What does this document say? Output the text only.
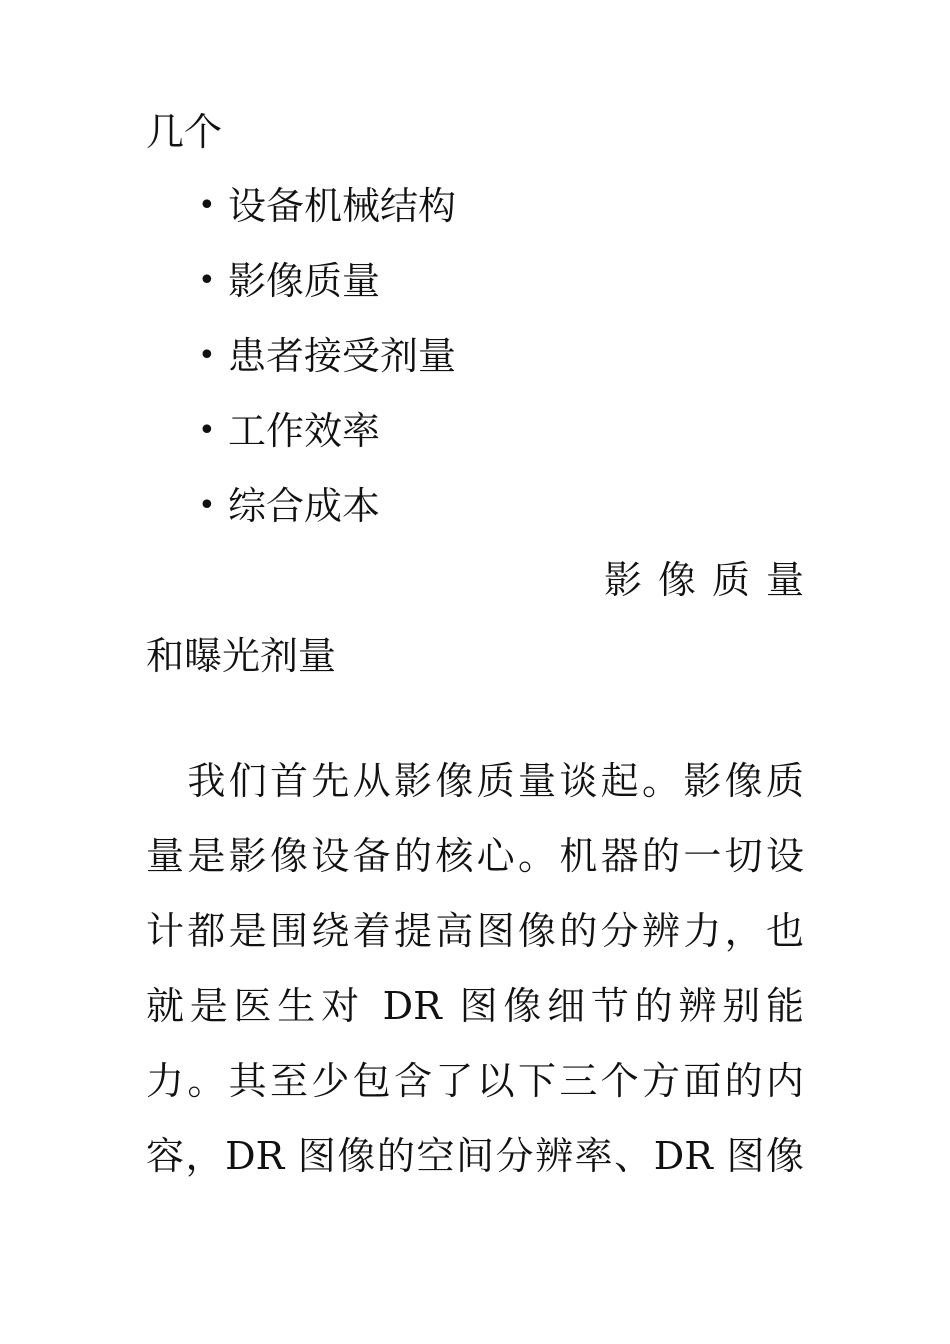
几个
• 设备机械结构
• 影像质量
• 患者接受剂量
• 工作效率
• 综合成本
影像质量
和曝光剂量
　我们首先从影像质量谈起。影像质
量是影像设备的核心。机器的一切设
计都是围绕着提高图像的分辨力，也
就是医生对 DR 图像细节的辨别能
力。其至少包含了以下三个方面的内
容，DR 图像的空间分辨率、DR 图像
